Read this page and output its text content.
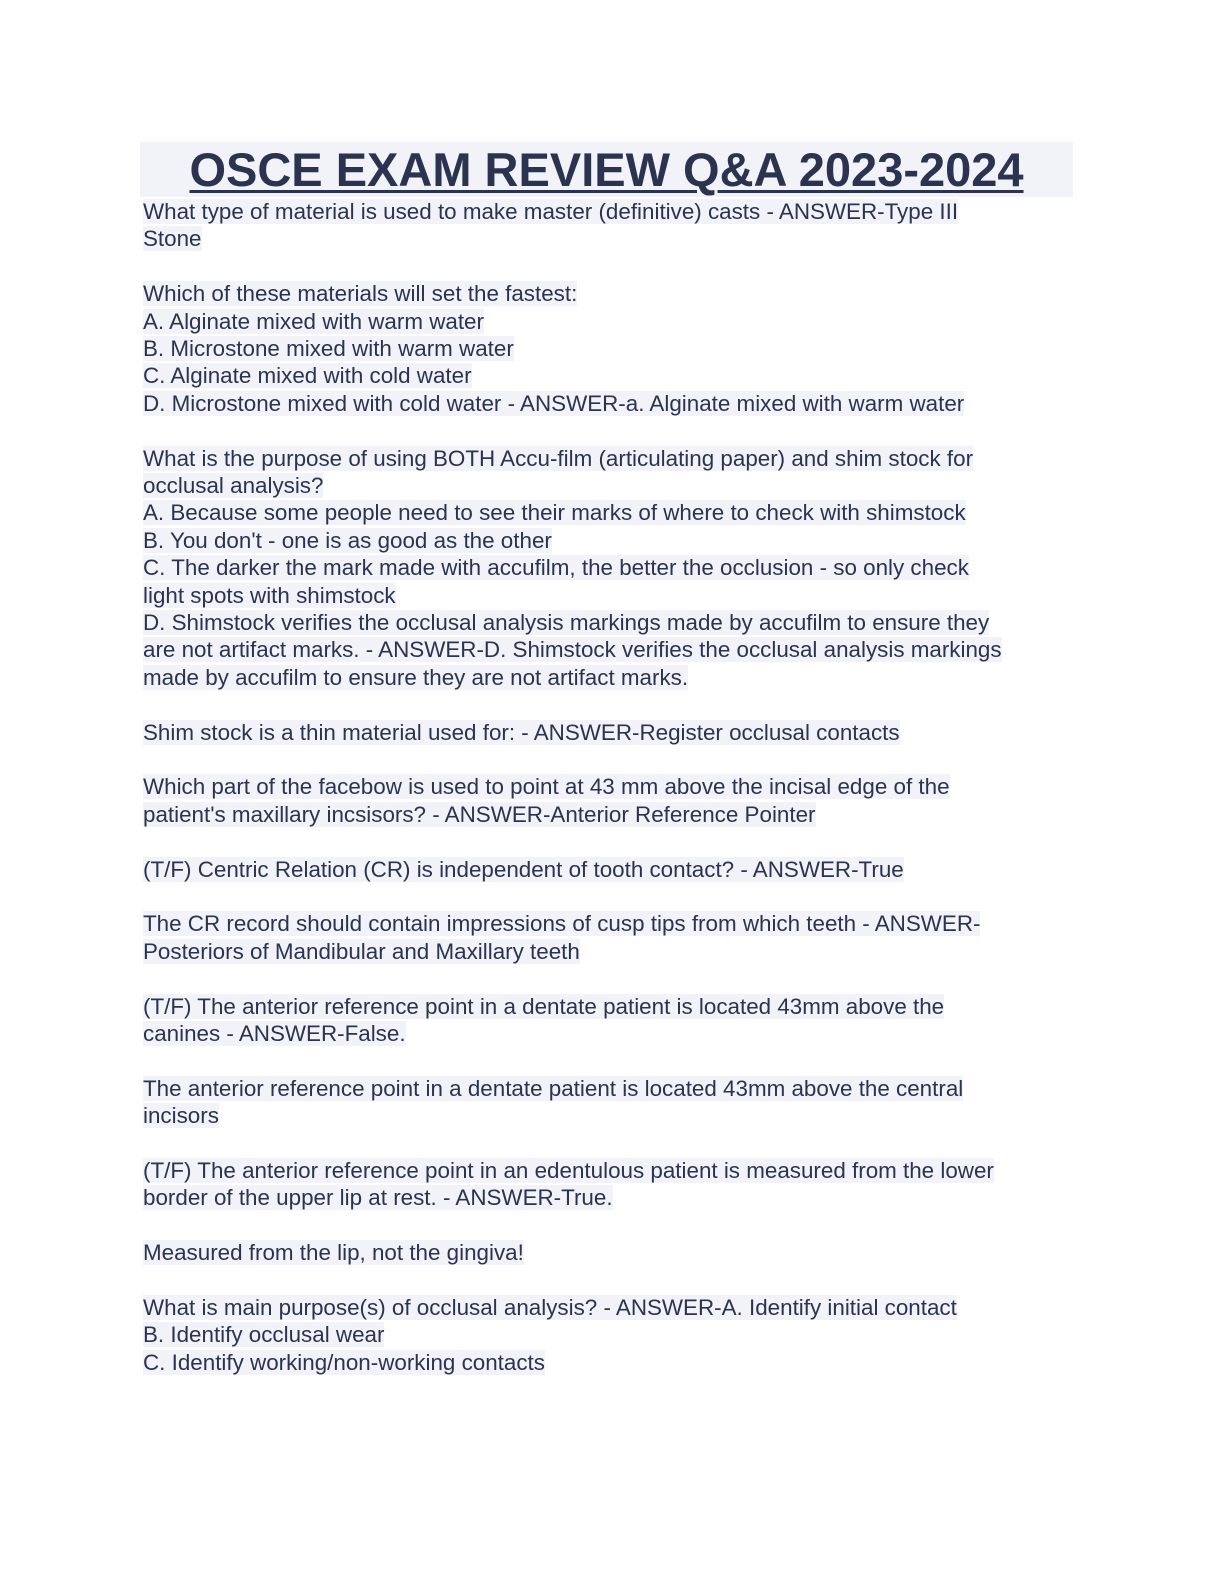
OSCE EXAM REVIEW Q&A 2023-2024
What type of material is used to make master (definitive) casts - ANSWER-Type III
Stone
Which of these materials will set the fastest:
A. Alginate mixed with warm water
B. Microstone mixed with warm water
C. Alginate mixed with cold water
D. Microstone mixed with cold water - ANSWER-a. Alginate mixed with warm water
What is the purpose of using BOTH Accu-film (articulating paper) and shim stock for
occlusal analysis?
A. Because some people need to see their marks of where to check with shimstock
B. You don't - one is as good as the other
C. The darker the mark made with accufilm, the better the occlusion - so only check
light spots with shimstock
D. Shimstock verifies the occlusal analysis markings made by accufilm to ensure they
are not artifact marks. - ANSWER-D. Shimstock verifies the occlusal analysis markings
made by accufilm to ensure they are not artifact marks.
Shim stock is a thin material used for: - ANSWER-Register occlusal contacts
Which part of the facebow is used to point at 43 mm above the incisal edge of the
patient's maxillary incsisors? - ANSWER-Anterior Reference Pointer
(T/F) Centric Relation (CR) is independent of tooth contact? - ANSWER-True
The CR record should contain impressions of cusp tips from which teeth - ANSWER-
Posteriors of Mandibular and Maxillary teeth
(T/F) The anterior reference point in a dentate patient is located 43mm above the
canines - ANSWER-False.
The anterior reference point in a dentate patient is located 43mm above the central
incisors
(T/F) The anterior reference point in an edentulous patient is measured from the lower
border of the upper lip at rest. - ANSWER-True.
Measured from the lip, not the gingiva!
What is main purpose(s) of occlusal analysis? - ANSWER-A. Identify initial contact
B. Identify occlusal wear
C. Identify working/non-working contacts
